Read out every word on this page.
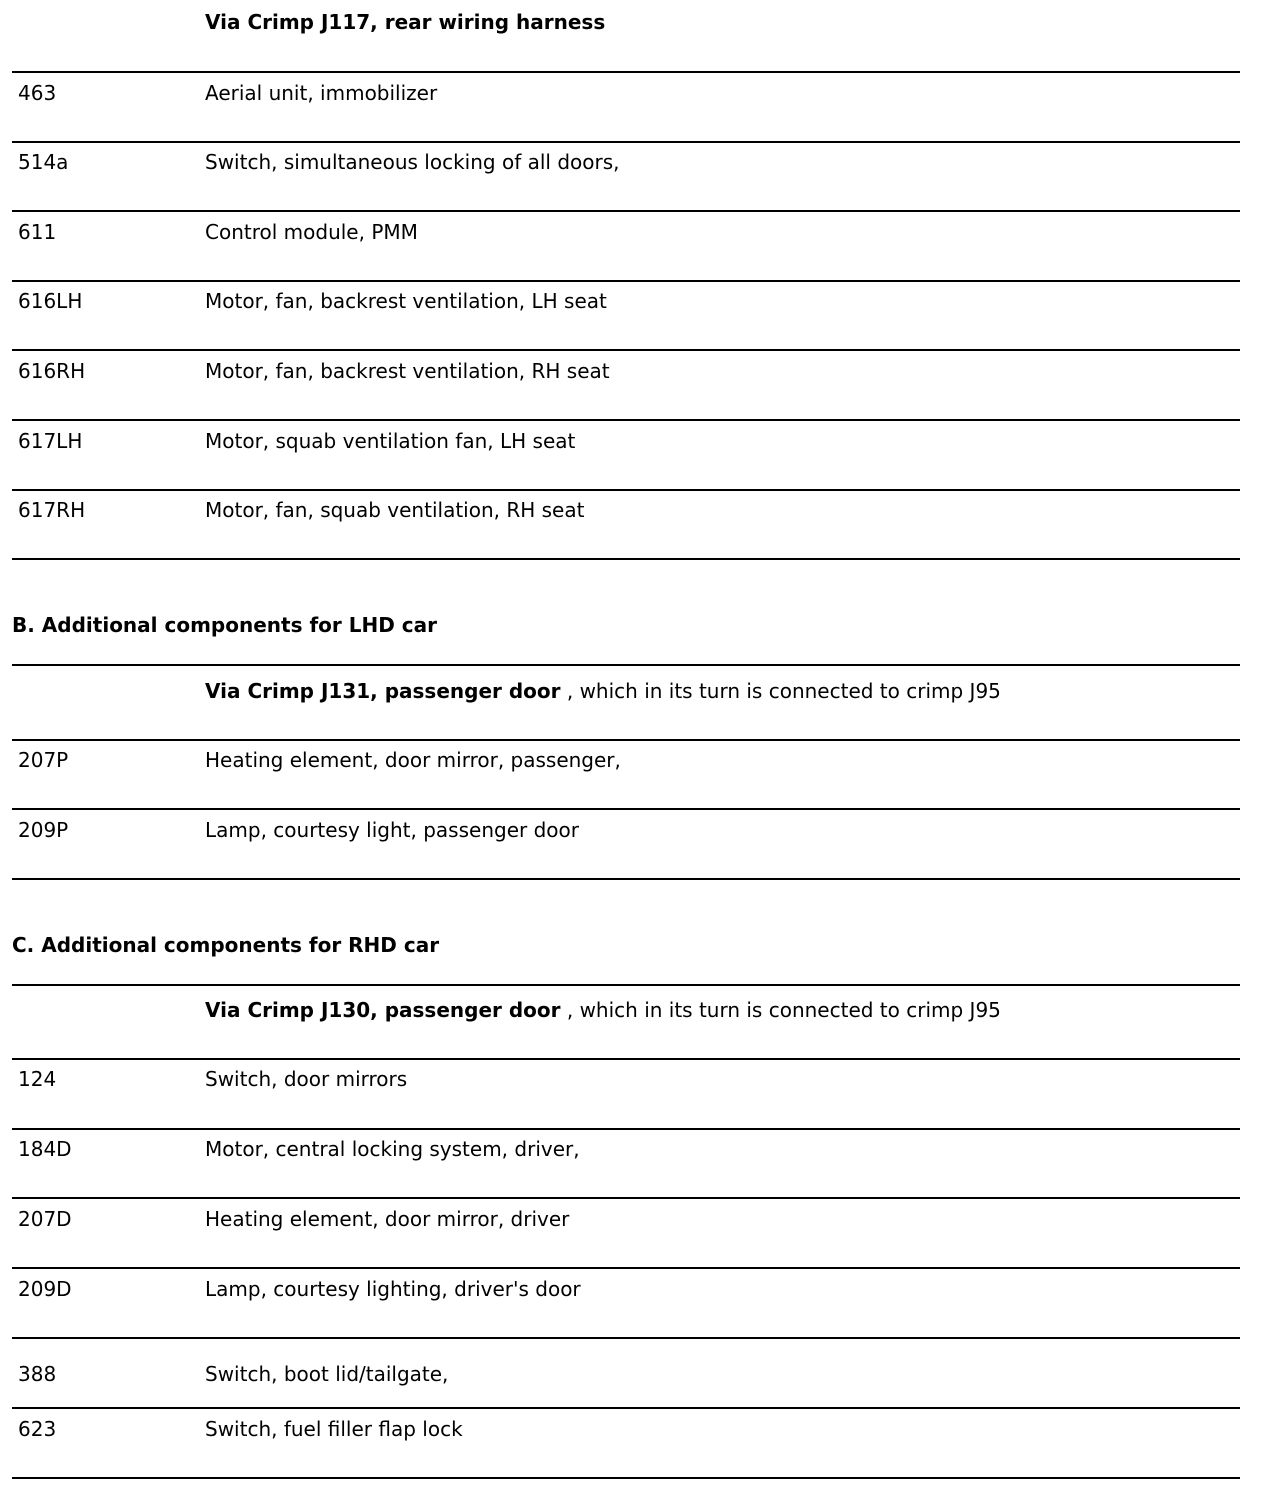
Via Crimp J117, rear wiring harness
463	Aerial unit, immobilizer
514a	Switch, simultaneous locking of all doors,
611	Control module, PMM
616LH	Motor, fan, backrest ventilation, LH seat
616RH	Motor, fan, backrest ventilation, RH seat
617LH	Motor, squab ventilation fan, LH seat
617RH	Motor, fan, squab ventilation, RH seat
B. Additional components for LHD car
Via Crimp J131, passenger door , which in its turn is connected to crimp J95
207P	Heating element, door mirror, passenger,
209P	Lamp, courtesy light, passenger door
C. Additional components for RHD car
Via Crimp J130, passenger door , which in its turn is connected to crimp J95
124	Switch, door mirrors
184D	Motor, central locking system, driver,
207D	Heating element, door mirror, driver
209D	Lamp, courtesy lighting, driver's door
388	Switch, boot lid/tailgate,
623	Switch, fuel filler flap lock
